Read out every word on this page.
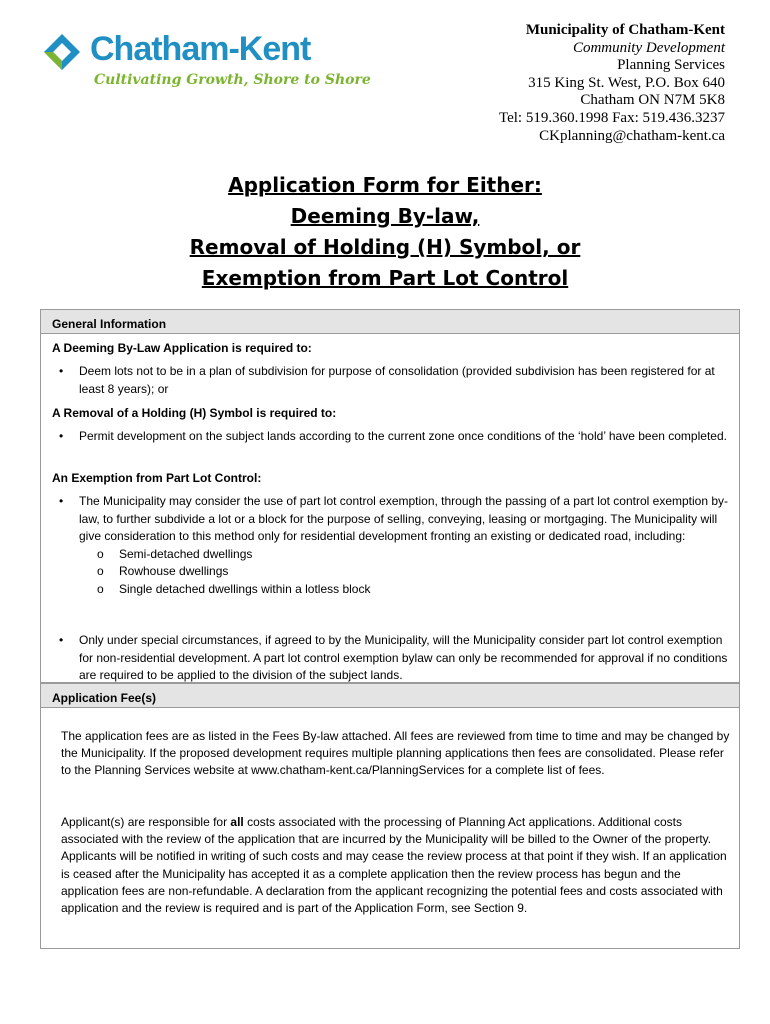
Chatham-Kent
Cultivating Growth, Shore to Shore
Municipality of Chatham-Kent
Community Development
Planning Services
315 King St. West, P.O. Box 640
Chatham ON N7M 5K8
Tel: 519.360.1998 Fax: 519.436.3237
CKplanning@chatham-kent.ca
Application Form for Either:
Deeming By-law,
Removal of Holding (H) Symbol, or
Exemption from Part Lot Control
General Information
A Deeming By-Law Application is required to:
• Deem lots not to be in a plan of subdivision for purpose of consolidation (provided subdivision has been registered for at least 8 years); or
A Removal of a Holding (H) Symbol is required to:
• Permit development on the subject lands according to the current zone once conditions of the ‘hold’ have been completed.
An Exemption from Part Lot Control:
• The Municipality may consider the use of part lot control exemption, through the passing of a part lot control exemption by-law, to further subdivide a lot or a block for the purpose of selling, conveying, leasing or mortgaging. The Municipality will give consideration to this method only for residential development fronting an existing or dedicated road, including:
o Semi-detached dwellings
o Rowhouse dwellings
o Single detached dwellings within a lotless block
• Only under special circumstances, if agreed to by the Municipality, will the Municipality consider part lot control exemption for non-residential development. A part lot control exemption bylaw can only be recommended for approval if no conditions are required to be applied to the division of the subject lands.
Application Fee(s)
The application fees are as listed in the Fees By-law attached. All fees are reviewed from time to time and may be changed by the Municipality. If the proposed development requires multiple planning applications then fees are consolidated. Please refer to the Planning Services website at www.chatham-kent.ca/PlanningServices for a complete list of fees.
Applicant(s) are responsible for all costs associated with the processing of Planning Act applications. Additional costs associated with the review of the application that are incurred by the Municipality will be billed to the Owner of the property. Applicants will be notified in writing of such costs and may cease the review process at that point if they wish. If an application is ceased after the Municipality has accepted it as a complete application then the review process has begun and the application fees are non-refundable. A declaration from the applicant recognizing the potential fees and costs associated with application and the review is required and is part of the Application Form, see Section 9.
